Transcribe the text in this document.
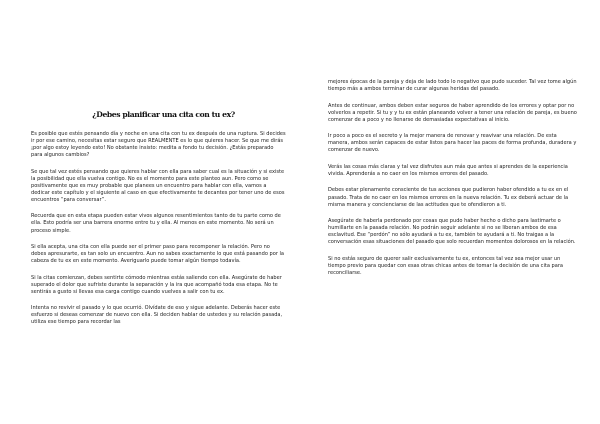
¿Debes planificar una cita con tu ex?

Es posible que estés pensando día y noche en una cita con tu ex después de una ruptura. Si decides ir por ese camino, necesitas estar seguro que REALMENTE es lo que quieres hacer. Se que me dirás ¡por algo estoy leyendo esto! No obstante insisto: medita a fondo tu decisión. ¿Estás preparado para algunos cambios?

Se que tal vez estés pensando que quieres hablar con ella para saber cual es la situación y si existe la posibilidad que ella vuelva contigo. No es el momento para este planteo aun. Pero como se positivamente que es muy probable que planees un encuentro para hablar con ella, vamos a dedicar este capítulo y el siguiente al caso en que efectivamente te decantes por tener uno de esos encuentros “para conversar”.

Recuerda que en esta etapa pueden estar vivos algunos resentimientos tanto de tu parte como de ella. Esto podría ser una barrera enorme entre tu y ella. Al menos en este momento. No será un proceso simple.

Si ella acepta, una cita con ella puede ser el primer paso para recomponer la relación. Pero no debes apresurarte, es tan solo un encuentro. Aun no sabes exactamente lo que está pasando por la cabeza de tu ex en este momento. Averiguarlo puede tomar algún tiempo todavía.

Si la citas comienzan, debes sentirte cómodo mientras estás saliendo con ella. Asegúrate de haber superado el dolor que sufriste durante la separación y la ira que acompañó toda esa etapa. No te sentirás a gusto si llevas esa carga contigo cuando vuelves a salir con tu ex.

Intenta no revivir el pasado y lo que ocurrió. Olvídate de eso y sigue adelante. Deberás hacer este esfuerzo si deseas comenzar de nuevo con ella. Si deciden hablar de ustedes y su relación pasada, utiliza ese tiempo para recordar las

mejores épocas de la pareja y deja de lado todo lo negativo que pudo suceder. Tal vez tome algún tiempo más a ambos terminar de curar algunas heridas del pasado.

Antes de continuar, ambos deben estar seguros de haber aprendido de los errores y optar por no volverlos a repetir. Si tu y y tu ex están planeando volver a tener una relación de pareja, es bueno comenzar de a poco y no llenarse de demasiadas expectativas al inicio.

Ir poco a poco es el secreto y la mejor manera de renovar y reavivar una relación. De esta manera, ambos serán capaces de estar listos para hacer las paces de forma profunda, duradera y comenzar de nuevo.

Verás las cosas más claras y tal vez disfrutes aun más que antes si aprendes de la experiencia vivida. Aprenderás a no caer en los mismos errores del pasado.

Debes estar plenamente consciente de tus acciones que pudieron haber ofendido a tu ex en el pasado. Trata de no caer en los mismos errores en la nueva relación. Tu ex deberá actuar de la misma manera y concienciarse de las actitudes que te ofendieron a ti.

Asegúrate de haberla perdonado por cosas que pudo haber hecho o dicho para lastimarte o humillarte en la pasada relación. No podrán seguir adelante si no se liberan ambos de esa esclavitud. Ese “perdón” no sólo ayudará a tu ex, también te ayudará a ti. No traigas a la conversación esas situaciones del pasado que solo recuerdan momentos dolorosos en la relación.

Si no estás seguro de querer salir exclusivamente tu ex, entonces tal vez sea mejor usar un tiempo previo para quedar con esas otras chicas antes de tomar la decisión de una cita para reconciliarse.
